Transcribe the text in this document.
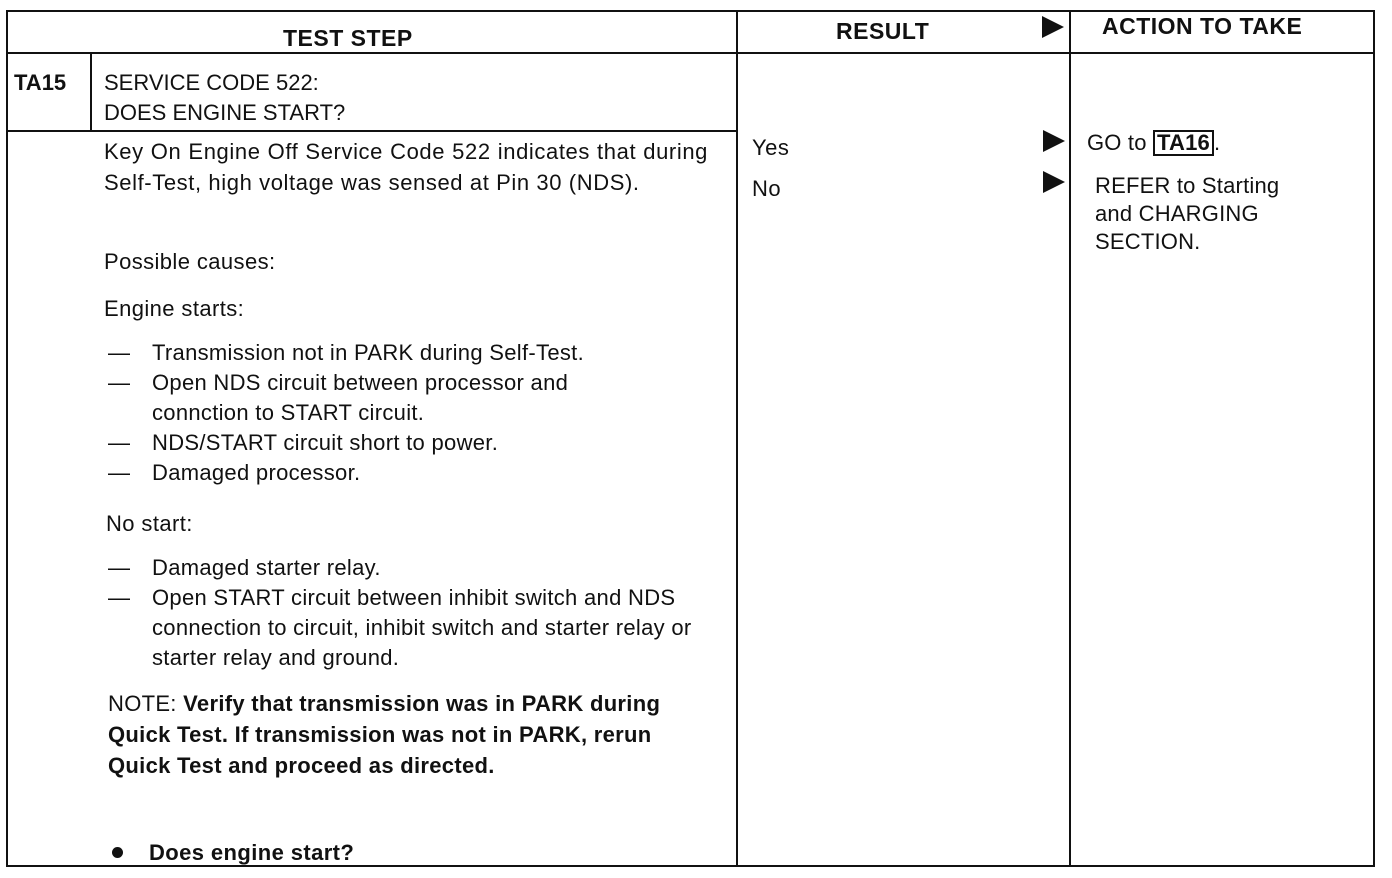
TEST STEP	RESULT	ACTION TO TAKE
TA15 SERVICE CODE 522:
DOES ENGINE START?
Key On Engine Off Service Code 522 indicates that during Self-Test, high voltage was sensed at Pin 30 (NDS).
Possible causes:
Engine starts:
— Transmission not in PARK during Self-Test.
— Open NDS circuit between processor and connction to START circuit.
— NDS/START circuit short to power.
— Damaged processor.
No start:
— Damaged starter relay.
— Open START circuit between inhibit switch and NDS connection to circuit, inhibit switch and starter relay or starter relay and ground.
NOTE: Verify that transmission was in PARK during Quick Test. If transmission was not in PARK, rerun Quick Test and proceed as directed.
Does engine start?
Yes
No
GO to TA16 .
REFER to Starting
and CHARGING
SECTION.
